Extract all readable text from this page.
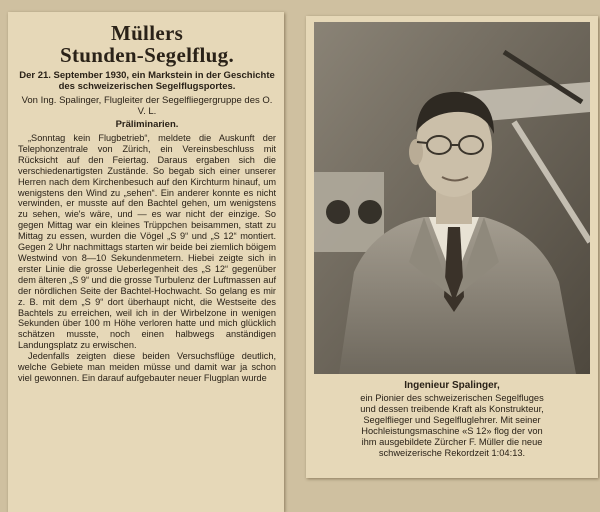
Müllers

Stunden-Segelflug.

Der 21. September 1930, ein Markstein in der Geschichte des schweizerischen Segelflugsportes.

Von Ing. Spalinger, Flugleiter der Segelfliegergruppe des O. V. L.

Präliminarien.

„Sonntag kein Flugbetrieb“, meldete die Auskunft der Telephonzentrale von Zürich, ein Vereinsbeschluss mit Rücksicht auf den Feiertag. Daraus ergaben sich die verschiedenartigsten Zustände. So begab sich einer unserer Herren nach dem Kirchenbesuch auf den Kirchturm hinauf, um wenigstens den Wind zu „sehen“. Ein anderer konnte es nicht verwinden, er musste auf den Bachtel gehen, um wenigstens zu sehen, wie's wäre, und — es war nicht der einzige. So gegen Mittag war ein kleines Trüppchen beisammen, statt zu Mittag zu essen, wurden die Vögel „S 9“ und „S 12“ montiert. Gegen 2 Uhr nachmittags starten wir beide bei ziemlich böigem Westwind von 8—10 Sekundenmetern. Hiebei zeigte sich in erster Linie die grosse Ueberlegenheit des „S 12“ gegenüber dem älteren „S 9“ und die grosse Turbulenz der Luftmassen auf der nördlichen Seite der Bachtel-Hochwacht. So gelang es mir z. B. mit dem „S 9“ dort überhaupt nicht, die Westseite des Bachtels zu erreichen, weil ich in der Wirbelzone in wenigen Sekunden über 100 m Höhe verloren hatte und mich glücklich schätzen musste, noch einen halbwegs anständigen Landungsplatz zu erwischen.

Jedenfalls zeigten diese beiden Versuchsflüge deutlich, welche Gebiete man meiden müsse und damit war ja schon viel gewonnen. Ein darauf aufgebauter neuer Flugplan wurde

Ingenieur Spalinger,

ein Pionier des schweizerischen Segelfluges

und dessen treibende Kraft als Konstrukteur,

Segelflieger und Segelfluglehrer. Mit seiner

Hochleistungsmaschine «S 12» flog der von

ihm ausgebildete Zürcher F. Müller die neue

schweizerische Rekordzeit 1:04:13.
